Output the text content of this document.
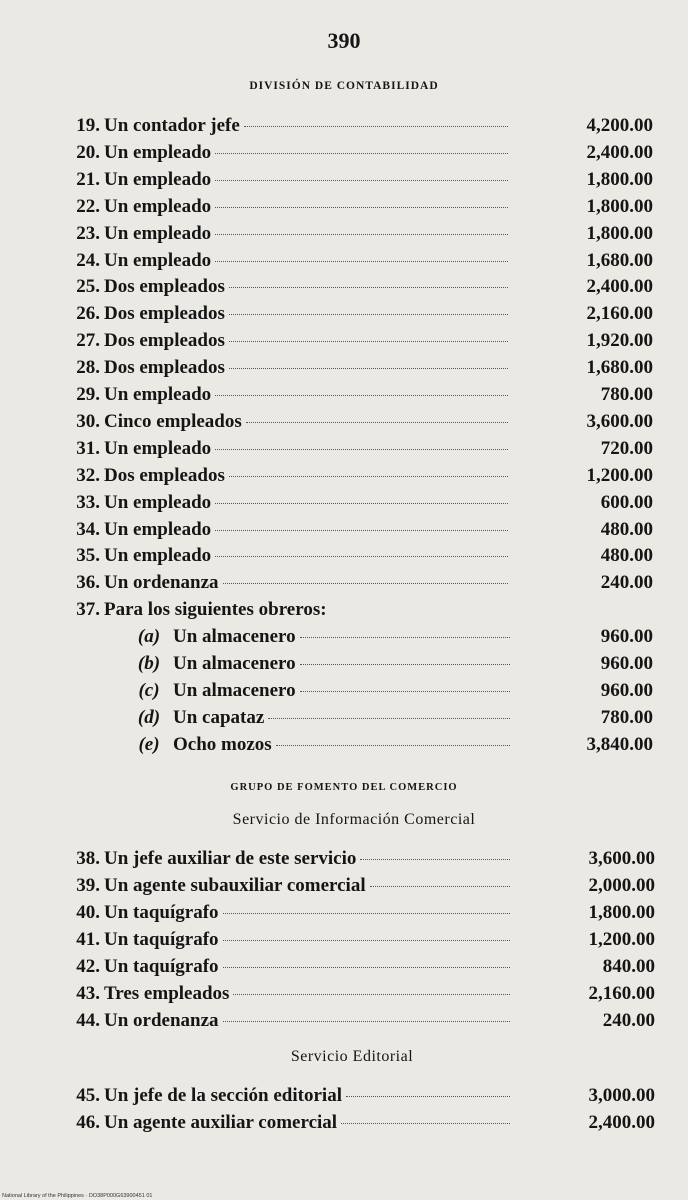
390
DIVISIÓN DE CONTABILIDAD
19. Un contador jefe	4,200.00
20. Un empleado	2,400.00
21. Un empleado	1,800.00
22. Un empleado	1,800.00
23. Un empleado	1,800.00
24. Un empleado	1,680.00
25. Dos empleados	2,400.00
26. Dos empleados	2,160.00
27. Dos empleados	1,920.00
28. Dos empleados	1,680.00
29. Un empleado	780.00
30. Cinco empleados	3,600.00
31. Un empleado	720.00
32. Dos empleados	1,200.00
33. Un empleado	600.00
34. Un empleado	480.00
35. Un empleado	480.00
36. Un ordenanza	240.00
37. Para los siguientes obreros:
(a) Un almacenero	960.00
(b) Un almacenero	960.00
(c) Un almacenero	960.00
(d) Un capataz	780.00
(e) Ocho mozos	3,840.00
GRUPO DE FOMENTO DEL COMERCIO
Servicio de Información Comercial
38. Un jefe auxiliar de este servicio	3,600.00
39. Un agente subauxiliar comercial	2,000.00
40. Un taquígrafo	1,800.00
41. Un taquígrafo	1,200.00
42. Un taquígrafo	840.00
43. Tres empleados	2,160.00
44. Un ordenanza	240.00
Servicio Editorial
45. Un jefe de la sección editorial	3,000.00
46. Un agente auxiliar comercial	2,400.00
National Library of the Philippines · DO38P000G63900451 01
